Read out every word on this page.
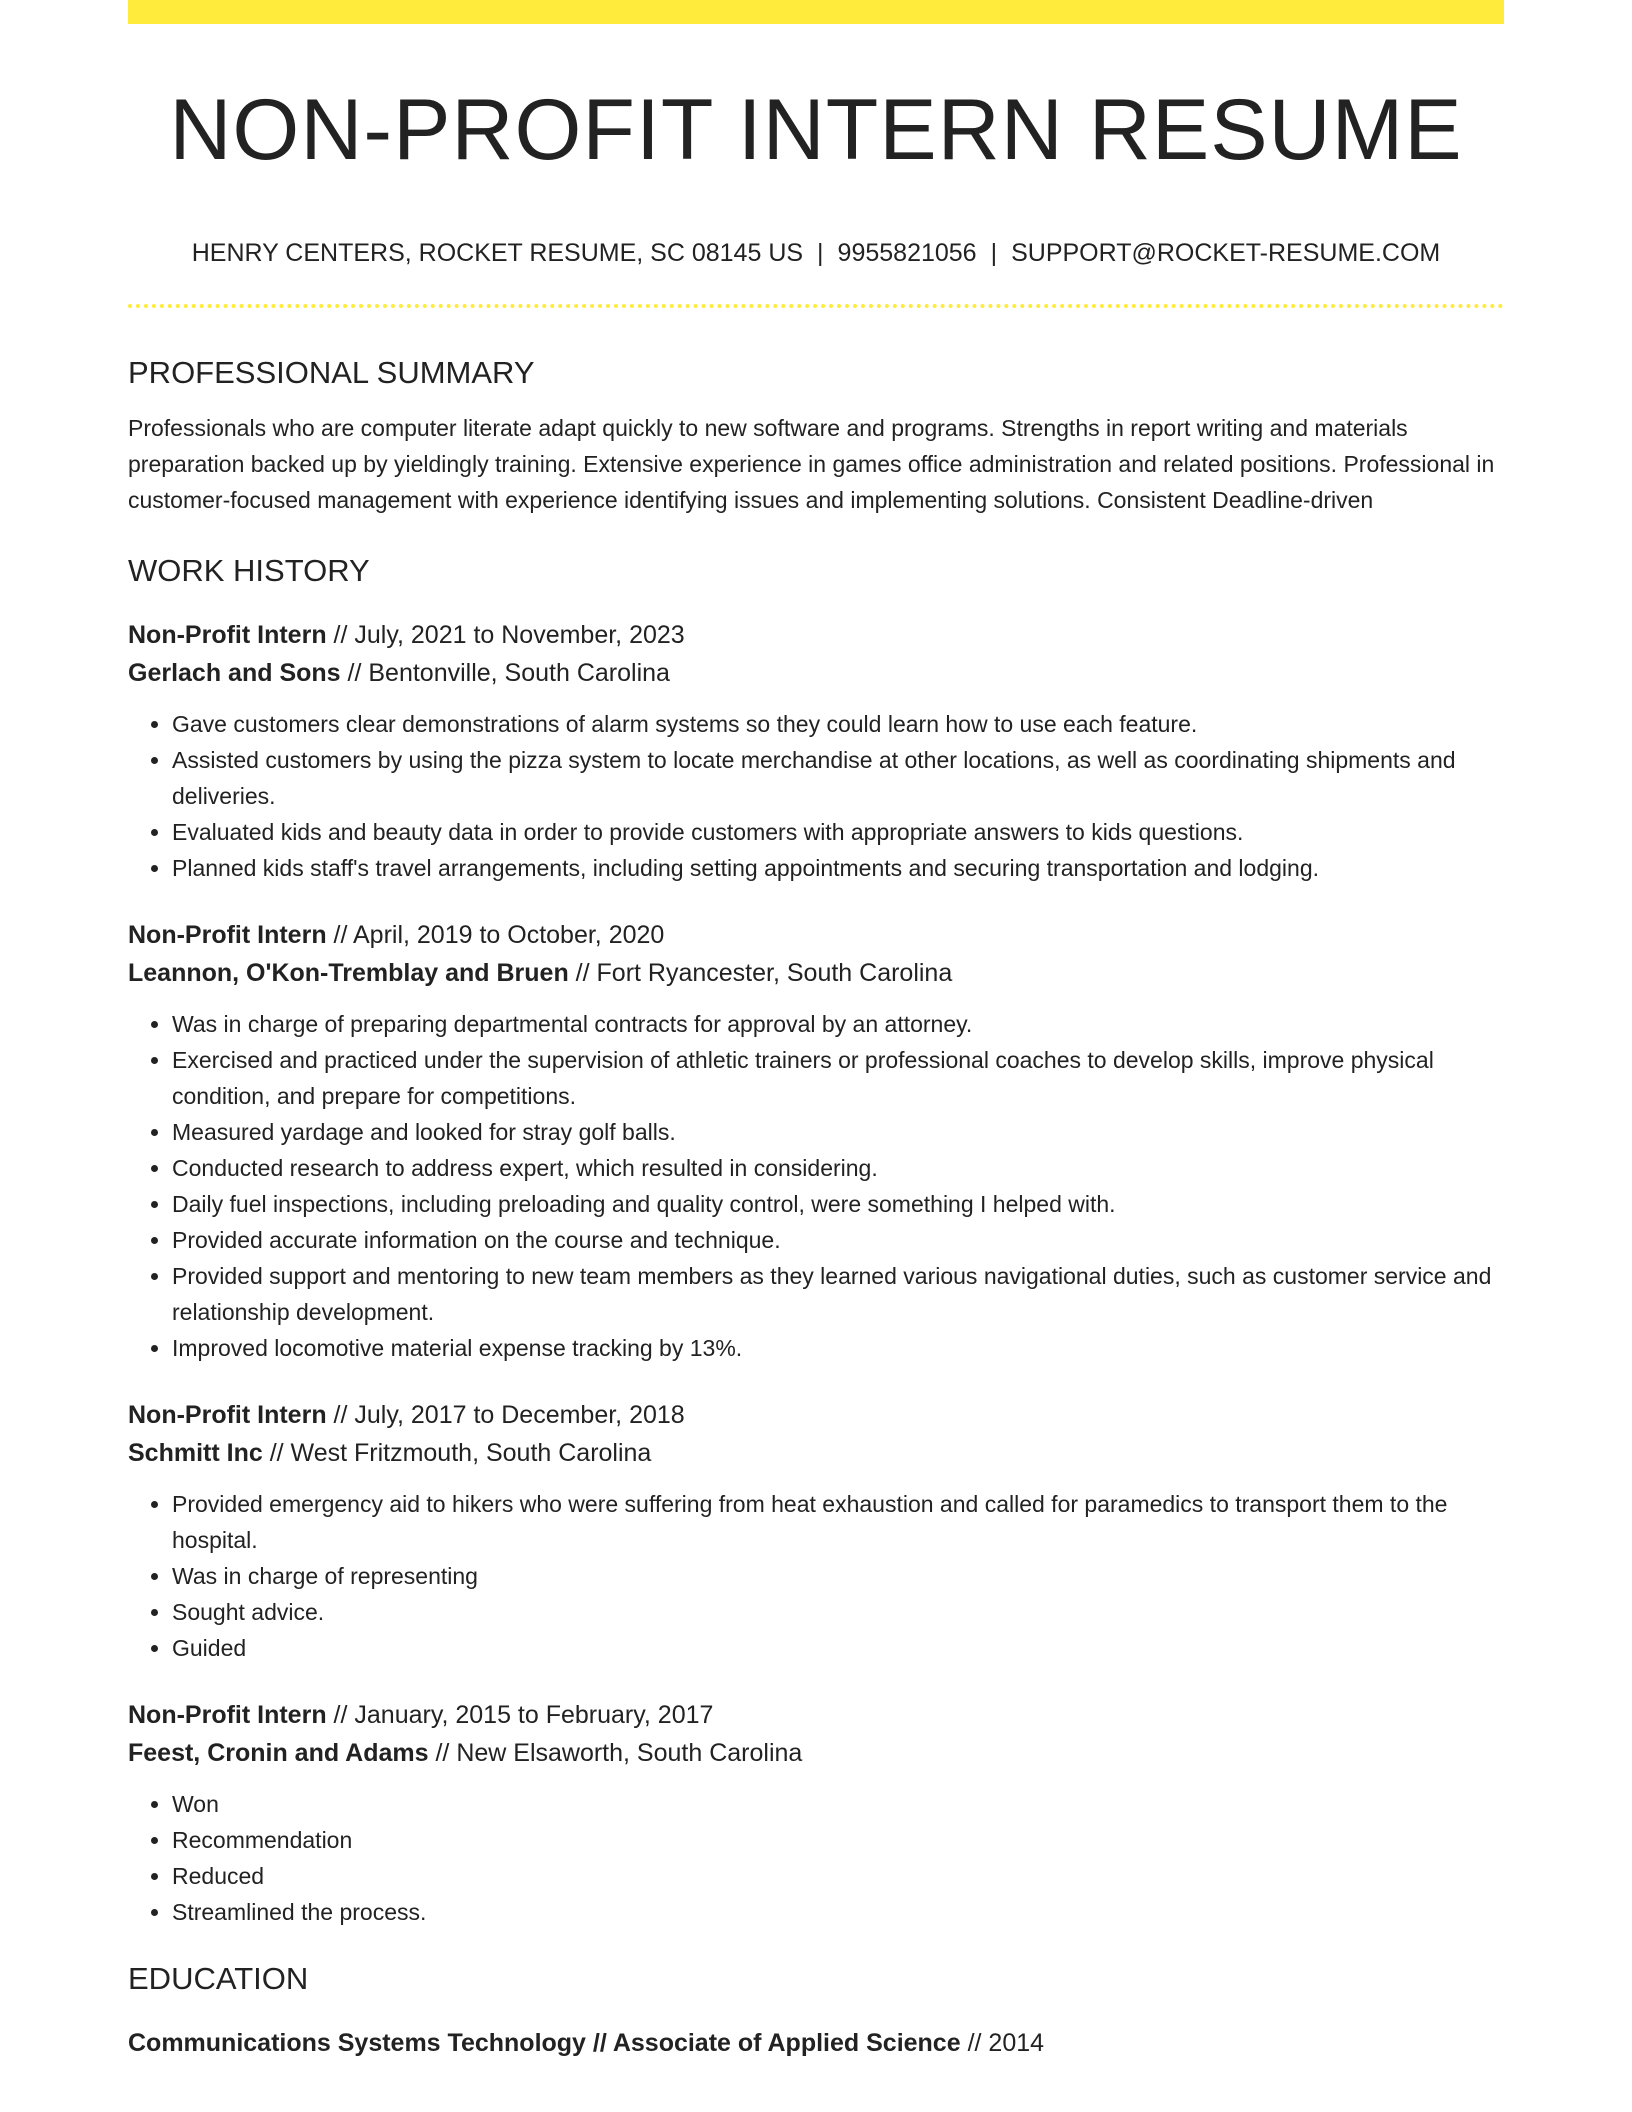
NON-PROFIT INTERN RESUME
HENRY CENTERS, ROCKET RESUME, SC 08145 US | 9955821056 | SUPPORT@ROCKET-RESUME.COM
PROFESSIONAL SUMMARY

Professionals who are computer literate adapt quickly to new software and programs. Strengths in report writing and materials preparation backed up by yieldingly training. Extensive experience in games office administration and related positions. Professional in customer-focused management with experience identifying issues and implementing solutions. Consistent Deadline-driven

WORK HISTORY
Non-Profit Intern // July, 2021 to November, 2023
Gerlach and Sons // Bentonville, South Carolina
• Gave customers clear demonstrations of alarm systems so they could learn how to use each feature.
• Assisted customers by using the pizza system to locate merchandise at other locations, as well as coordinating shipments and deliveries.
• Evaluated kids and beauty data in order to provide customers with appropriate answers to kids questions.
• Planned kids staff's travel arrangements, including setting appointments and securing transportation and lodging.
Non-Profit Intern // April, 2019 to October, 2020
Leannon, O'Kon-Tremblay and Bruen // Fort Ryancester, South Carolina
• Was in charge of preparing departmental contracts for approval by an attorney.
• Exercised and practiced under the supervision of athletic trainers or professional coaches to develop skills, improve physical condition, and prepare for competitions.
• Measured yardage and looked for stray golf balls.
• Conducted research to address expert, which resulted in considering.
• Daily fuel inspections, including preloading and quality control, were something I helped with.
• Provided accurate information on the course and technique.
• Provided support and mentoring to new team members as they learned various navigational duties, such as customer service and relationship development.
• Improved locomotive material expense tracking by 13%.
Non-Profit Intern // July, 2017 to December, 2018
Schmitt Inc // West Fritzmouth, South Carolina
• Provided emergency aid to hikers who were suffering from heat exhaustion and called for paramedics to transport them to the hospital.
• Was in charge of representing
• Sought advice.
• Guided
Non-Profit Intern // January, 2015 to February, 2017
Feest, Cronin and Adams // New Elsaworth, South Carolina
• Won
• Recommendation
• Reduced
• Streamlined the process.
EDUCATION
Communications Systems Technology // Associate of Applied Science // 2014
